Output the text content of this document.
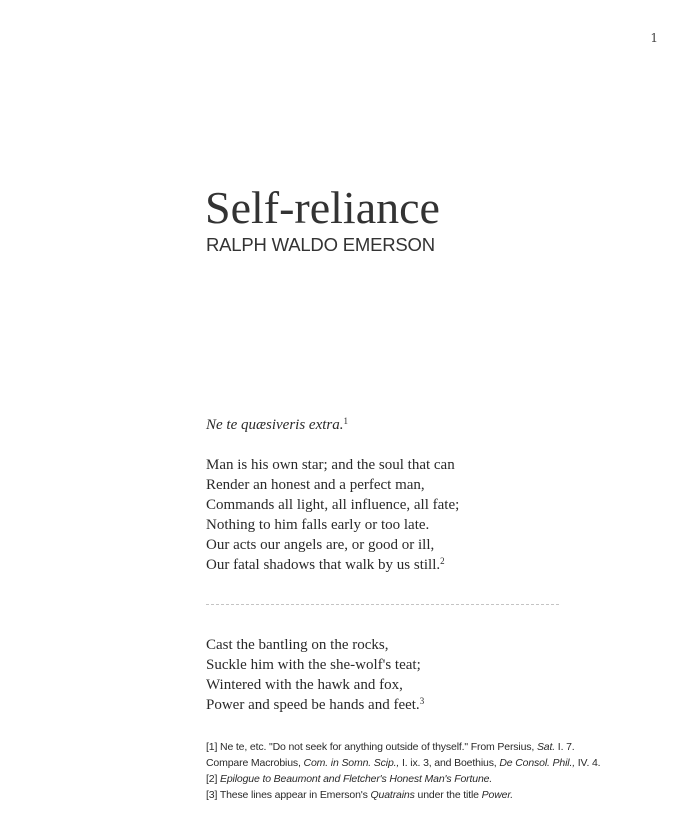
1
Self-reliance
RALPH WALDO EMERSON
Ne te quæsiveris extra.$^1$
Man is his own star; and the soul that can
Render an honest and a perfect man,
Commands all light, all influence, all fate;
Nothing to him falls early or too late.
Our acts our angels are, or good or ill,
Our fatal shadows that walk by us still.$^2$
Cast the bantling on the rocks,
Suckle him with the she-wolf's teat;
Wintered with the hawk and fox,
Power and speed be hands and feet.$^3$
[1] Ne te, etc. "Do not seek for anything outside of thyself." From Persius, Sat. I. 7.
Compare Macrobius, Com. in Somn. Scip., I. ix. 3, and Boethius, De Consol. Phil., IV. 4.
[2] Epilogue to Beaumont and Fletcher's Honest Man's Fortune.
[3] These lines appear in Emerson's Quatrains under the title Power.
